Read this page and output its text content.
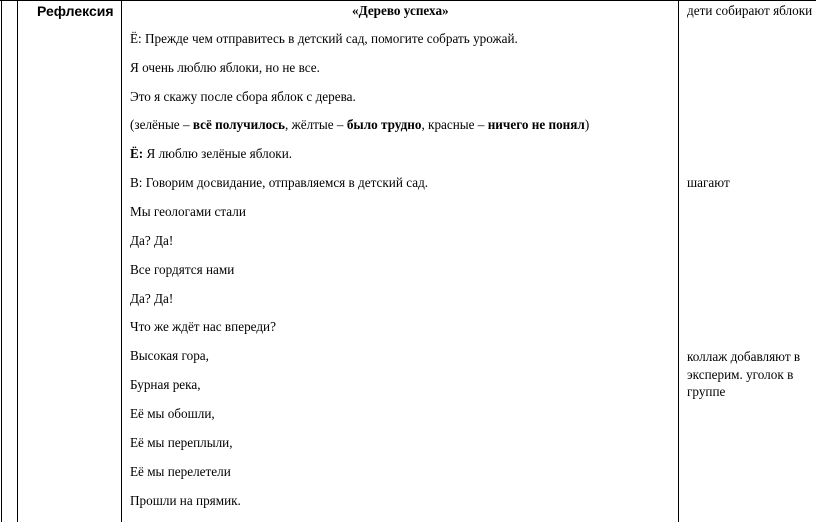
Рефлексия	«Дерево успеха»
Ё: Прежде чем отправитесь в детский сад, помогите собрать урожай.
Я очень люблю яблоки, но не все.
Это я скажу после сбора яблок с дерева.
(зелёные – всё получилось, жёлтые – было трудно, красные – ничего не понял)
Ё: Я люблю зелёные яблоки.
В: Говорим досвидание, отправляемся в детский сад.
Мы геологами стали
Да? Да!
Все гордятся нами
Да? Да!
Что же ждёт нас впереди?
Высокая гора,
Бурная река,
Её мы обошли,
Её мы переплыли,
Её мы перелетели
Прошли на прямик.
дети собирают яблоки
шагают
коллаж добавляют в эксперим. уголок в группе
